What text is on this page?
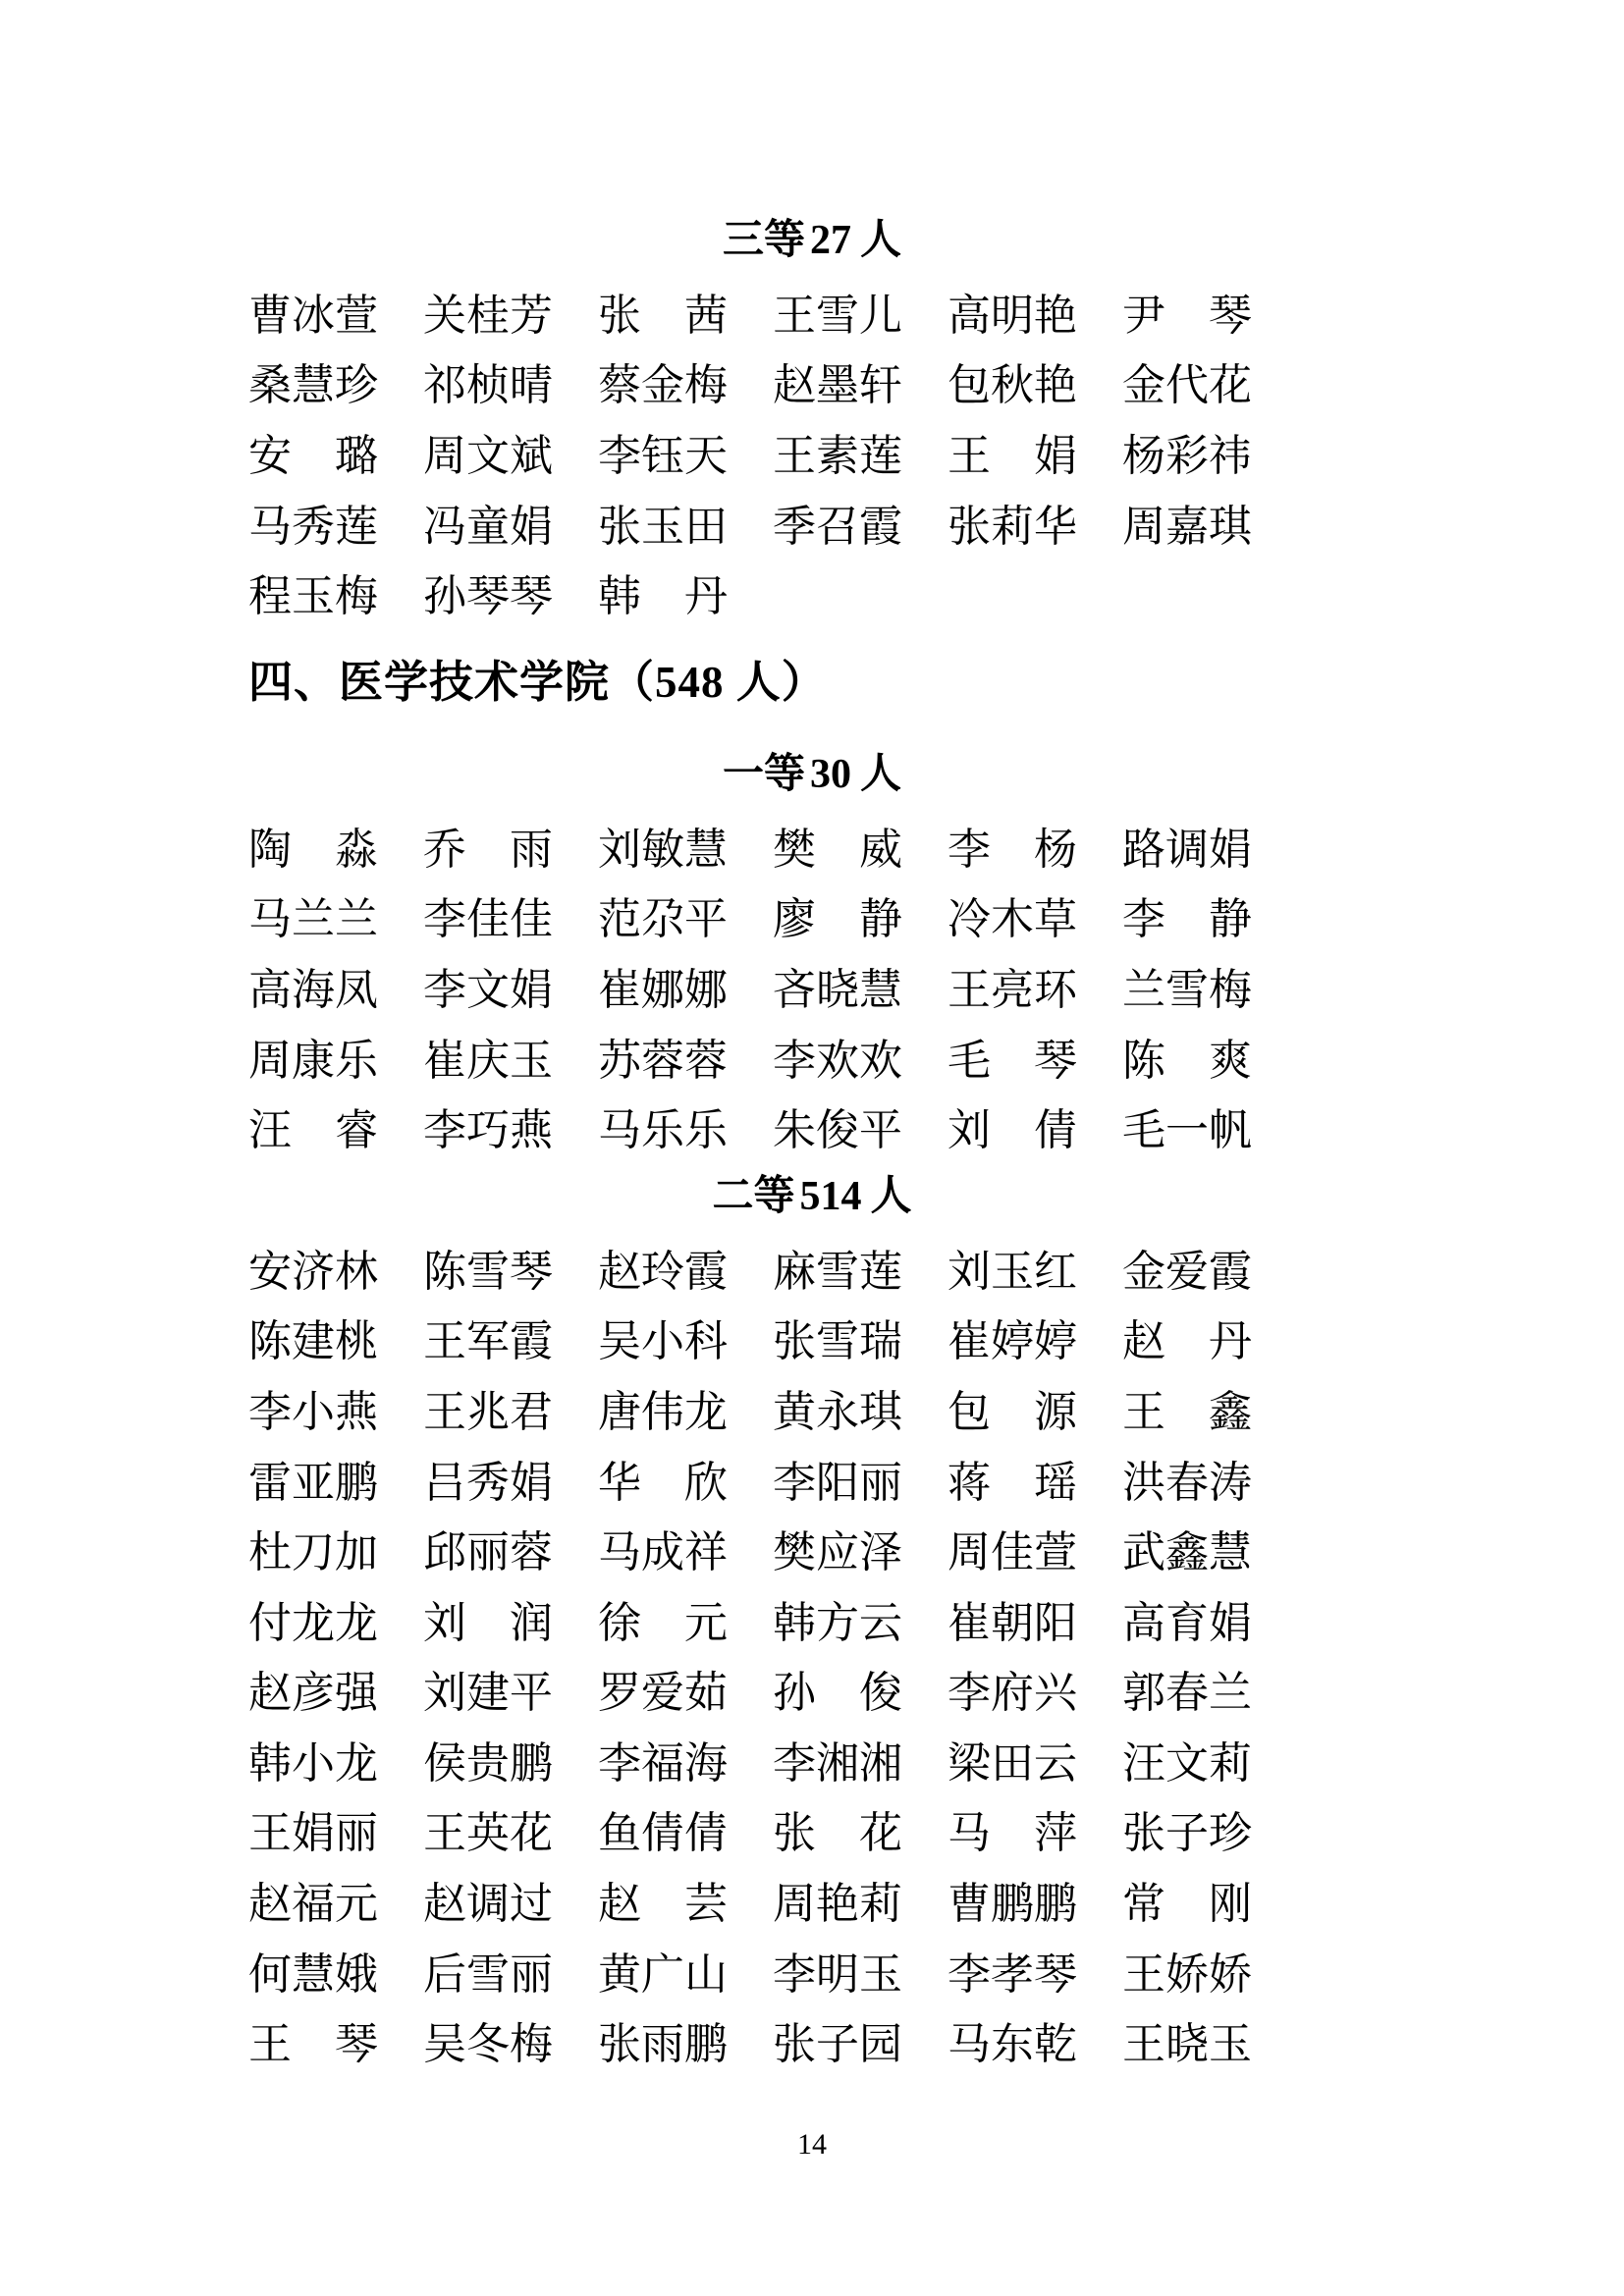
三等 27 人
曹冰萱 关桂芳 张 茜 王雪儿 高明艳 尹 琴
桑慧珍 祁桢晴 蔡金梅 赵墨轩 包秋艳 金代花
安 璐 周文斌 李钰天 王素莲 王 娟 杨彩祎
马秀莲 冯童娟 张玉田 季召霞 张莉华 周嘉琪
程玉梅 孙琴琴 韩 丹
四、医学技术学院（548 人）
一等 30 人
陶 淼 乔 雨 刘敏慧 樊 威 李 杨 路调娟
马兰兰 李佳佳 范尕平 廖 静 冷木草 李 静
高海凤 李文娟 崔娜娜 吝晓慧 王亮环 兰雪梅
周康乐 崔庆玉 苏蓉蓉 李欢欢 毛 琴 陈 爽
汪 睿 李巧燕 马乐乐 朱俊平 刘 倩 毛一帆
二等 514 人
安济林 陈雪琴 赵玲霞 麻雪莲 刘玉红 金爱霞
陈建桃 王军霞 吴小科 张雪瑞 崔婷婷 赵 丹
李小燕 王兆君 唐伟龙 黄永琪 包 源 王 鑫
雷亚鹏 吕秀娟 华 欣 李阳丽 蒋 瑶 洪春涛
杜刀加 邱丽蓉 马成祥 樊应泽 周佳萱 武鑫慧
付龙龙 刘 润 徐 元 韩方云 崔朝阳 高育娟
赵彦强 刘建平 罗爱茹 孙 俊 李府兴 郭春兰
韩小龙 侯贵鹏 李福海 李湘湘 梁田云 汪文莉
王娟丽 王英花 鱼倩倩 张 花 马 萍 张子珍
赵福元 赵调过 赵 芸 周艳莉 曹鹏鹏 常 刚
何慧娥 后雪丽 黄广山 李明玉 李孝琴 王娇娇
王 琴 吴冬梅 张雨鹏 张子园 马东乾 王晓玉
14
